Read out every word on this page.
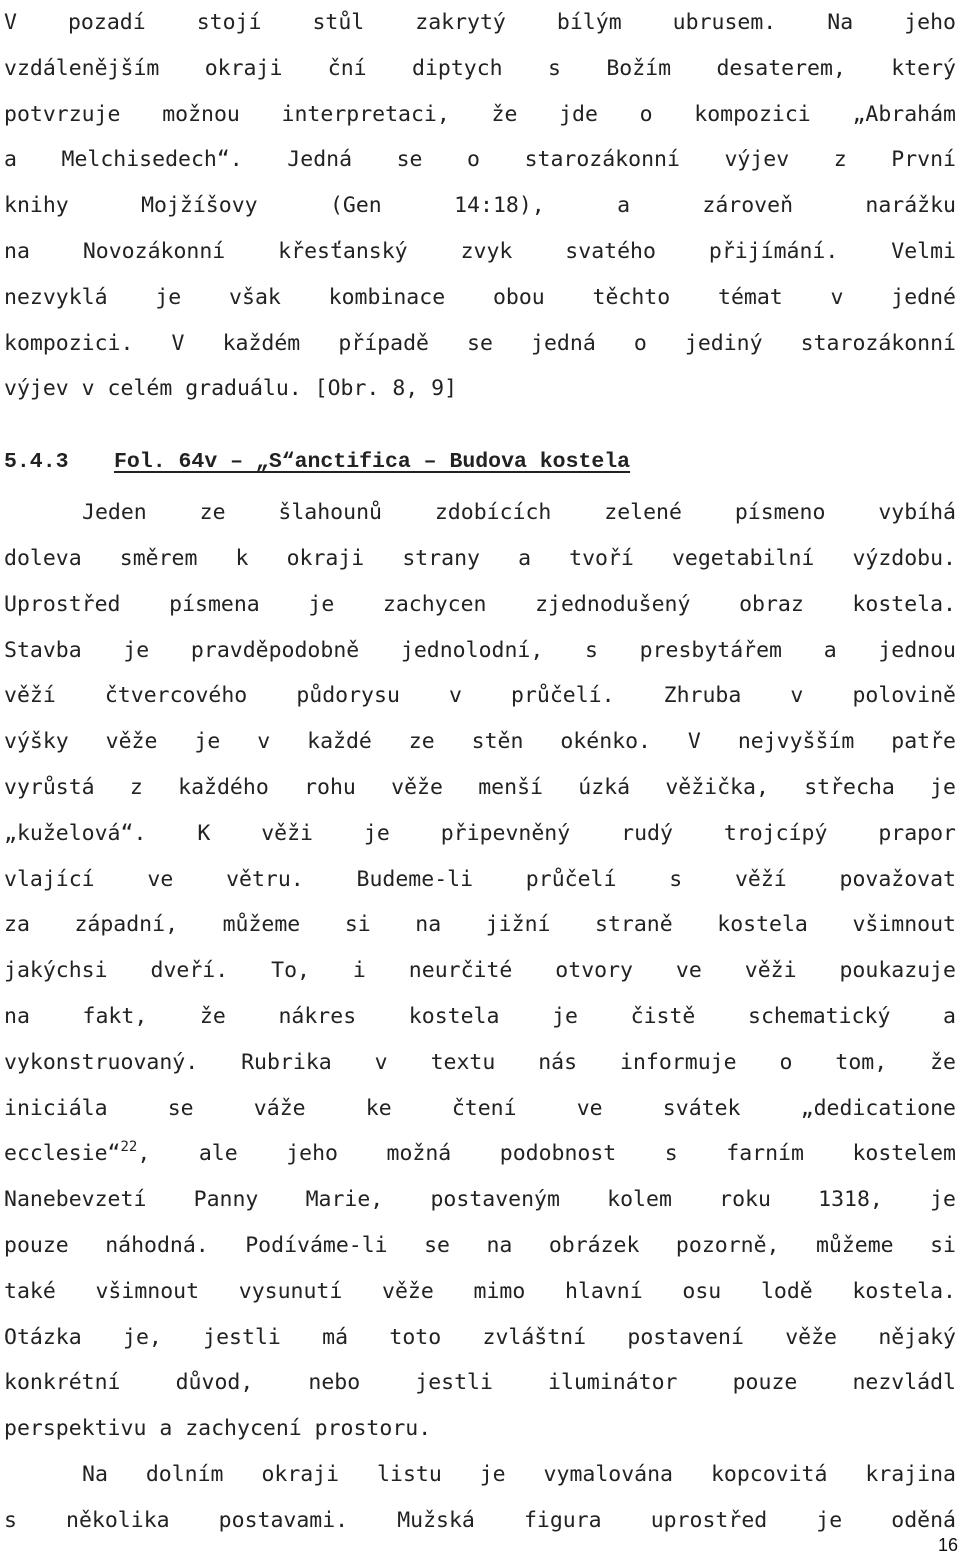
V pozadí stojí stůl zakrytý bílým ubrusem. Na jeho
vzdálenějším okraji ční diptych s Božím desaterem, který
potvrzuje možnou interpretaci, že jde o kompozici „Abrahám
a Melchisedech“. Jedná se o starozákonní výjev z První
knihy Mojžíšovy (Gen 14:18), a zároveň narážku
na Novozákonní křesťanský zvyk svatého přijímání. Velmi
nezvyklá je však kombinace obou těchto témat v jedné
kompozici. V každém případě se jedná o jediný starozákonní
výjev v celém graduálu. [Obr. 8, 9]
5.4.3 Fol. 64v – „S“anctifica – Budova kostela
Jeden ze šlahounů zdobících zelené písmeno vybíhá
doleva směrem k okraji strany a tvoří vegetabilní výzdobu.
Uprostřed písmena je zachycen zjednodušený obraz kostela.
Stavba je pravděpodobně jednolodní, s presbytářem a jednou
věží čtvercového půdorysu v průčelí. Zhruba v polovině
výšky věže je v každé ze stěn okénko. V nejvyšším patře
vyrůstá z každého rohu věže menší úzká věžička, střecha je
„kuželová“. K věži je připevněný rudý trojcípý prapor
vlající ve větru. Budeme-li průčelí s věží považovat
za západní, můžeme si na jižní straně kostela všimnout
jakýchsi dveří. To, i neurčité otvory ve věži poukazuje
na fakt, že nákres kostela je čistě schematický a
vykonstruovaný. Rubrika v textu nás informuje o tom, že
iniciála se váže ke čtení ve svátek „dedicatione
ecclesie“$^{22}$, ale jeho možná podobnost s farním kostelem
Nanebevzetí Panny Marie, postaveným kolem roku 1318, je
pouze náhodná. Podíváme-li se na obrázek pozorně, můžeme si
také všimnout vysunutí věže mimo hlavní osu lodě kostela.
Otázka je, jestli má toto zvláštní postavení věže nějaký
konkrétní důvod, nebo jestli iluminátor pouze nezvládl
perspektivu a zachycení prostoru.
Na dolním okraji listu je vymalována kopcovitá krajina
s několika postavami. Mužská figura uprostřed je oděná
16
